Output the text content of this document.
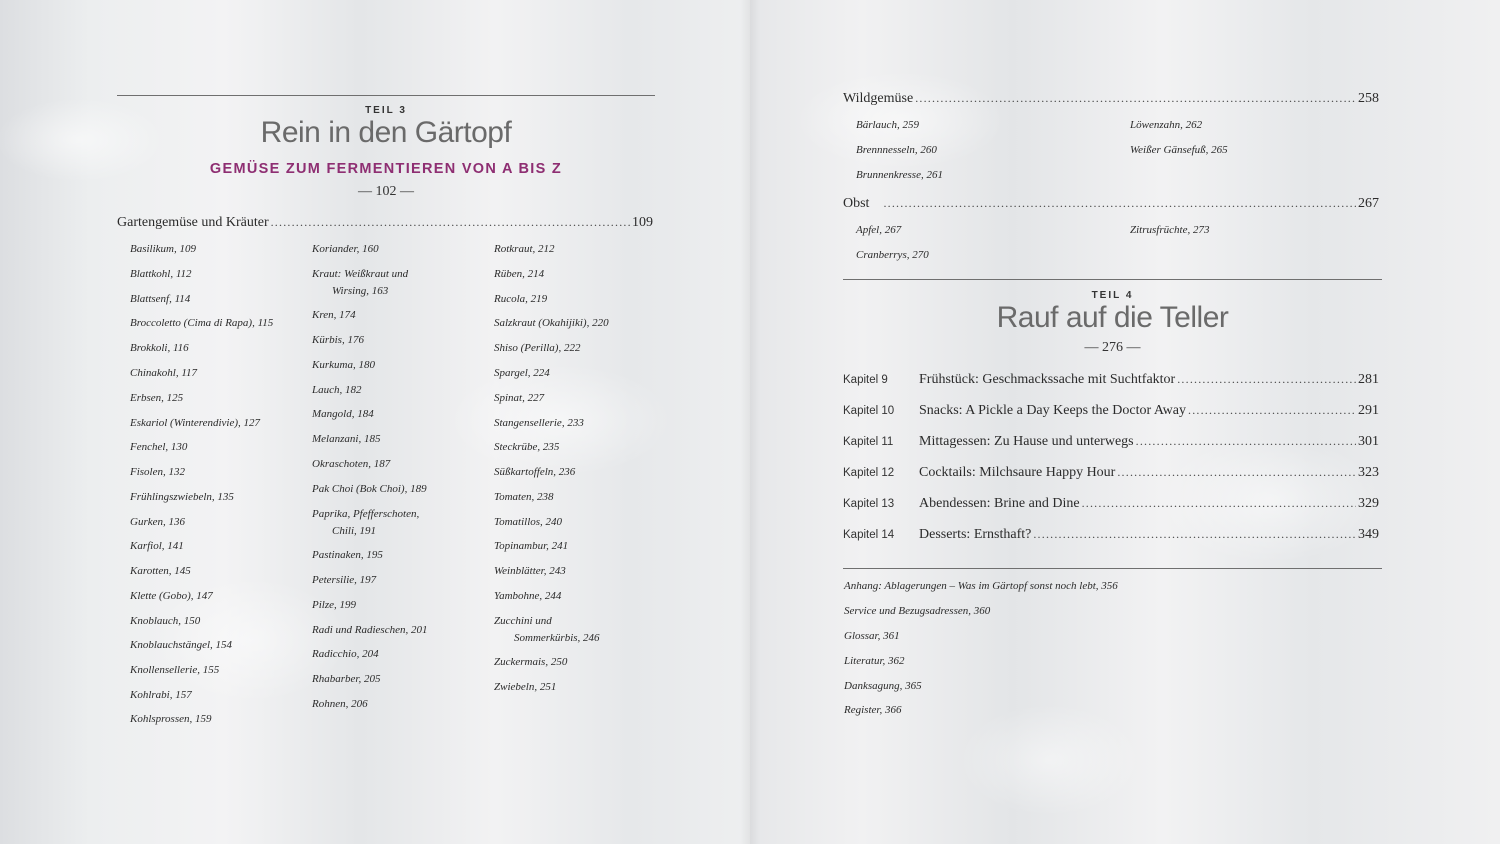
TEIL 3
Rein in den Gärtopf
GEMÜSE ZUM FERMENTIEREN VON A BIS Z
— 102 —
Gartengemüse und Kräuter .....	109
Basilikum, 109
Blattkohl, 112
Blattsenf, 114
Broccoletto (Cima di Rapa), 115
Brokkoli, 116
Chinakohl, 117
Erbsen, 125
Eskariol (Winterendivie), 127
Fenchel, 130
Fisolen, 132
Frühlingszwiebeln, 135
Gurken, 136
Karfiol, 141
Karotten, 145
Klette (Gobo), 147
Knoblauch, 150
Knoblauchstängel, 154
Knollensellerie, 155
Kohlrabi, 157
Kohlsprossen, 159
Koriander, 160
Kraut: Weißkraut und
Wirsing, 163
Kren, 174
Kürbis, 176
Kurkuma, 180
Lauch, 182
Mangold, 184
Melanzani, 185
Okraschoten, 187
Pak Choi (Bok Choi), 189
Paprika, Pfefferschoten,
Chili, 191
Pastinaken, 195
Petersilie, 197
Pilze, 199
Radi und Radieschen, 201
Radicchio, 204
Rhabarber, 205
Rohnen, 206
Rotkraut, 212
Rüben, 214
Rucola, 219
Salzkraut (Okahijiki), 220
Shiso (Perilla), 222
Spargel, 224
Spinat, 227
Stangensellerie, 233
Steckrübe, 235
Süßkartoffeln, 236
Tomaten, 238
Tomatillos, 240
Topinambur, 241
Weinblätter, 243
Yambohne, 244
Zucchini und
Sommerkürbis, 246
Zuckermais, 250
Zwiebeln, 251
Wildgemüse .....	258
Bärlauch, 259
Brennnesseln, 260
Brunnenkresse, 261
Löwenzahn, 262
Weißer Gänsefuß, 265
Obst .....	267
Apfel, 267
Cranberrys, 270
Zitrusfrüchte, 273
TEIL 4
Rauf auf die Teller
— 276 —
Kapitel 9	Frühstück: Geschmackssache mit Suchtfaktor .....	281
Kapitel 10	Snacks: A Pickle a Day Keeps the Doctor Away .....	291
Kapitel 11	Mittagessen: Zu Hause und unterwegs .....	301
Kapitel 12	Cocktails: Milchsaure Happy Hour .....	323
Kapitel 13	Abendessen: Brine and Dine .....	329
Kapitel 14	Desserts: Ernsthaft? .....	349
Anhang: Ablagerungen – Was im Gärtopf sonst noch lebt, 356
Service und Bezugsadressen, 360
Glossar, 361
Literatur, 362
Danksagung, 365
Register, 366
